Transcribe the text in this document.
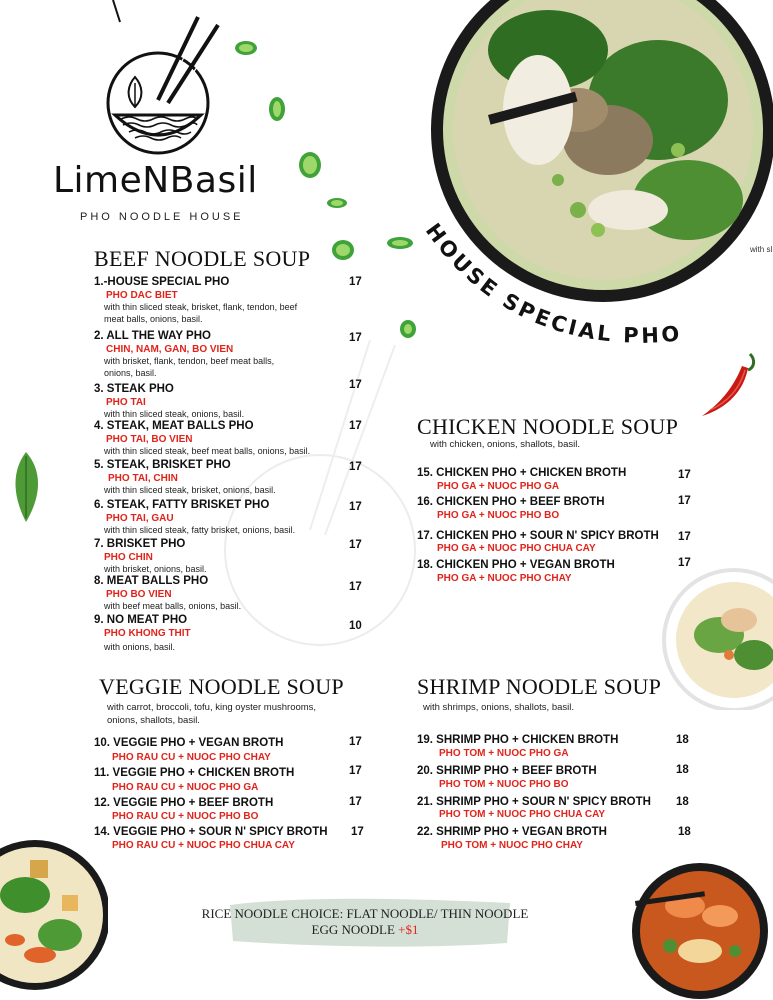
with sl
HOUSE SPECIAL PHO
LimeNBasil
PHO NOODLE HOUSE
BEEF NOODLE SOUP
1.-HOUSE SPECIAL PHO
PHO DAC BIET
with thin sliced steak, brisket, flank, tendon, beef meat balls, onions, basil.
17
2. ALL THE WAY PHO
CHIN, NAM, GAN, BO VIEN
with brisket, flank, tendon, beef meat balls, onions, basil.
17
3. STEAK PHO
PHO TAI
with thin sliced steak, onions, basil.
17
4. STEAK, MEAT BALLS PHO
PHO TAI, BO VIEN
with thin sliced steak, beef meat balls, onions, basil.
17
5. STEAK, BRISKET PHO
PHO TAI, CHIN
with thin sliced steak, brisket, onions, basil.
17
6. STEAK, FATTY BRISKET PHO
PHO TAI, GAU
with thin sliced steak, fatty brisket, onions, basil.
17
7. BRISKET PHO
PHO CHIN
with brisket, onions, basil.
17
8. MEAT BALLS PHO
PHO BO VIEN
with beef meat balls, onions, basil.
17
9. NO MEAT PHO
PHO KHONG THIT
with onions, basil.
10
CHICKEN NOODLE SOUP
with chicken, onions, shallots, basil.
15. CHICKEN PHO + CHICKEN BROTH
PHO GA + NUOC PHO GA
17
16. CHICKEN PHO + BEEF BROTH
PHO GA + NUOC PHO BO
17
17. CHICKEN PHO + SOUR N' SPICY BROTH
PHO GA + NUOC PHO CHUA CAY
17
18. CHICKEN PHO + VEGAN BROTH
PHO GA + NUOC PHO CHAY
17
VEGGIE NOODLE SOUP
with carrot, broccoli, tofu, king oyster mushrooms, onions, shallots, basil.
10. VEGGIE PHO + VEGAN BROTH
PHO RAU CU + NUOC PHO CHAY
17
11. VEGGIE PHO + CHICKEN BROTH
PHO RAU CU + NUOC PHO GA
17
12. VEGGIE PHO + BEEF BROTH
PHO RAU CU + NUOC PHO BO
17
14. VEGGIE PHO + SOUR N' SPICY BROTH
PHO RAU CU + NUOC PHO CHUA CAY
17
SHRIMP NOODLE SOUP
with shrimps, onions, shallots, basil.
19. SHRIMP PHO + CHICKEN BROTH
PHO TOM + NUOC PHO GA
18
20. SHRIMP PHO + BEEF BROTH
PHO TOM + NUOC PHO BO
18
21. SHRIMP PHO + SOUR N' SPICY BROTH
PHO TOM + NUOC PHO CHUA CAY
18
22. SHRIMP PHO + VEGAN BROTH
PHO TOM + NUOC PHO CHAY
18
RICE NOODLE CHOICE: FLAT NOODLE/ THIN NOODLE
EGG NOODLE +$1
